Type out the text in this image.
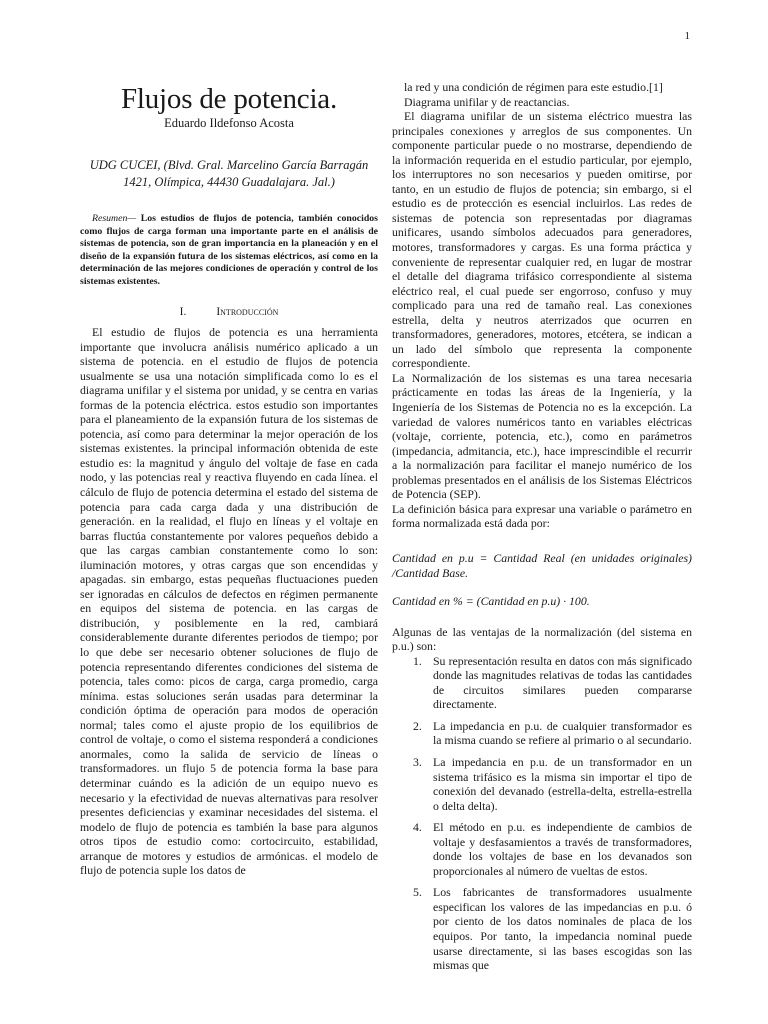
1
Flujos de potencia.

Eduardo Ildefonso Acosta

UDG CUCEI, (Blvd. Gral. Marcelino García Barragán
1421, Olímpica, 44430 Guadalajara. Jal.)

Resumen— Los estudios de flujos de potencia, también conocidos como flujos de carga forman una importante parte en el análisis de sistemas de potencia, son de gran importancia en la planeación y en el diseño de la expansión futura de los sistemas eléctricos, así como en la determinación de las mejores condiciones de operación y control de los sistemas existentes.

I.	Introducción

El estudio de flujos de potencia es una herramienta importante que involucra análisis numérico aplicado a un sistema de potencia. en el estudio de flujos de potencia usualmente se usa una notación simplificada como lo es el diagrama unifilar y el sistema por unidad, y se centra en varias formas de la potencia eléctrica. estos estudio son importantes para el planeamiento de la expansión futura de los sistemas de potencia, así como para determinar la mejor operación de los sistemas existentes. la principal información obtenida de este estudio es: la magnitud y ángulo del voltaje de fase en cada nodo, y las potencias real y reactiva fluyendo en cada línea. el cálculo de flujo de potencia determina el estado del sistema de potencia para cada carga dada y una distribución de generación. en la realidad, el flujo en líneas y el voltaje en barras fluctúa constantemente por valores pequeños debido a que las cargas cambian constantemente como lo son: iluminación motores, y otras cargas que son encendidas y apagadas. sin embargo, estas pequeñas fluctuaciones pueden ser ignoradas en cálculos de defectos en régimen permanente en equipos del sistema de potencia. en las cargas de distribución, y posiblemente en la red, cambiará considerablemente durante diferentes periodos de tiempo; por lo que debe ser necesario obtener soluciones de flujo de potencia representando diferentes condiciones del sistema de potencia, tales como: picos de carga, carga promedio, carga mínima. estas soluciones serán usadas para determinar la condición óptima de operación para modos de operación normal; tales como el ajuste propio de los equilibrios de control de voltaje, o como el sistema responderá a condiciones anormales, como la salida de servicio de líneas o transformadores. un flujo 5 de potencia forma la base para determinar cuándo es la adición de un equipo nuevo es necesario y la efectividad de nuevas alternativas para resolver presentes deficiencias y examinar necesidades del sistema. el modelo de flujo de potencia es también la base para algunos otros tipos de estudio como: cortocircuito, estabilidad, arranque de motores y estudios de armónicas. el modelo de flujo de potencia suple los datos de

la red y una condición de régimen para este estudio.[1]

Diagrama unifilar y de reactancias.

El diagrama unifilar de un sistema eléctrico muestra las principales conexiones y arreglos de sus componentes. Un componente particular puede o no mostrarse, dependiendo de la información requerida en el estudio particular, por ejemplo, los interruptores no son necesarios y pueden omitirse, por tanto, en un estudio de flujos de potencia; sin embargo, si el estudio es de protección es esencial incluirlos. Las redes de sistemas de potencia son representadas por diagramas unificares, usando símbolos adecuados para generadores, motores, transformadores y cargas. Es una forma práctica y conveniente de representar cualquier red, en lugar de mostrar el detalle del diagrama trifásico correspondiente al sistema eléctrico real, el cual puede ser engorroso, confuso y muy complicado para una red de tamaño real. Las conexiones estrella, delta y neutros aterrizados que ocurren en transformadores, generadores, motores, etcétera, se indican a un lado del símbolo que representa la componente correspondiente.

La Normalización de los sistemas es una tarea necesaria prácticamente en todas las áreas de la Ingeniería, y la Ingeniería de los Sistemas de Potencia no es la excepción. La variedad de valores numéricos tanto en variables eléctricas (voltaje, corriente, potencia, etc.), como en parámetros (impedancia, admitancia, etc.), hace imprescindible el recurrir a la normalización para facilitar el manejo numérico de los problemas presentados en el análisis de los Sistemas Eléctricos de Potencia (SEP).

La definición básica para expresar una variable o parámetro en forma normalizada está dada por:

Cantidad en p.u = Cantidad Real (en unidades originales) /Cantidad Base.

Cantidad en % = (Cantidad en p.u) · 100.

Algunas de las ventajas de la normalización (del sistema en p.u.) son:

1. Su representación resulta en datos con más significado donde las magnitudes relativas de todas las cantidades de circuitos similares pueden compararse directamente.
2. La impedancia en p.u. de cualquier transformador es la misma cuando se refiere al primario o al secundario.
3. La impedancia en p.u. de un transformador en un sistema trifásico es la misma sin importar el tipo de conexión del devanado (estrella-delta, estrella-estrella o delta delta).
4. El método en p.u. es independiente de cambios de voltaje y desfasamientos a través de transformadores, donde los voltajes de base en los devanados son proporcionales al número de vueltas de estos.
5. Los fabricantes de transformadores usualmente especifican los valores de las impedancias en p.u. ó por ciento de los datos nominales de placa de los equipos. Por tanto, la impedancia nominal puede usarse directamente, si las bases escogidas son las mismas que
